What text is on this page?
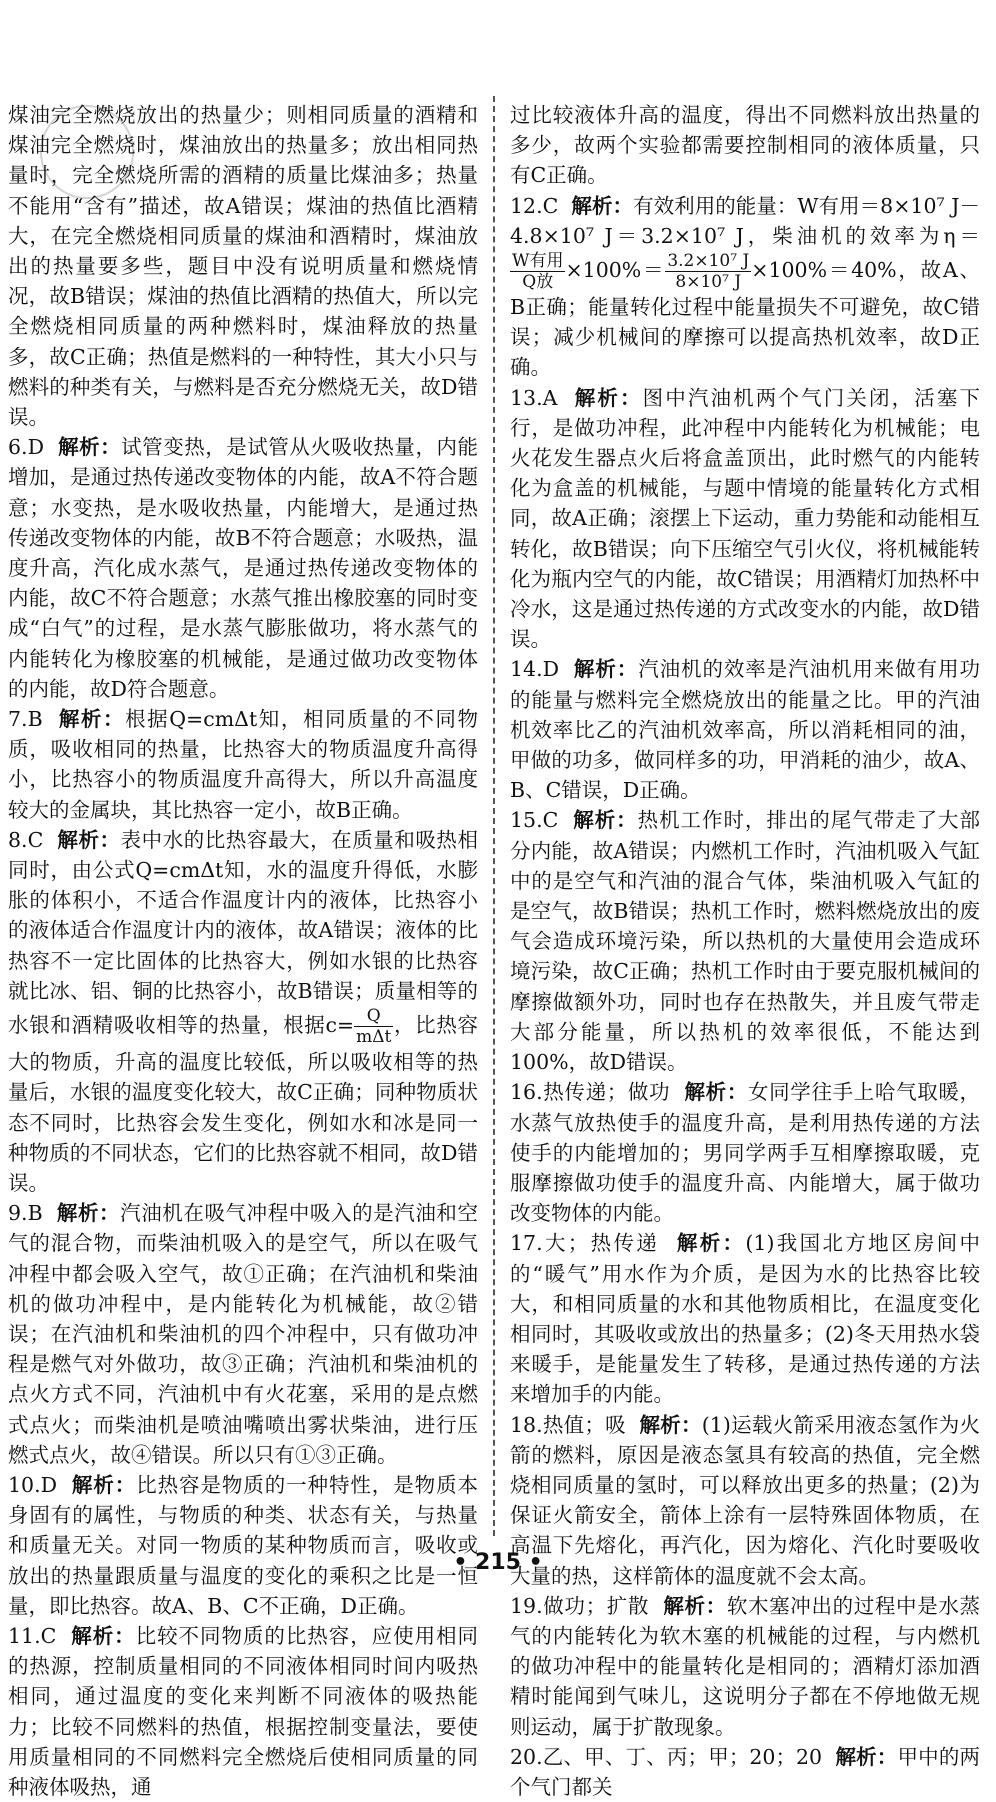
煤油完全燃烧放出的热量少；则相同质量的酒精和煤油完全燃烧时，煤油放出的热量多；放出相同热量时，完全燃烧所需的酒精的质量比煤油多；热量不能用“含有”描述，故A错误；煤油的热值比酒精大，在完全燃烧相同质量的煤油和酒精时，煤油放出的热量要多些，题目中没有说明质量和燃烧情况，故B错误；煤油的热值比酒精的热值大，所以完全燃烧相同质量的两种燃料时，煤油释放的热量多，故C正确；热值是燃料的一种特性，其大小只与燃料的种类有关，与燃料是否充分燃烧无关，故D错误。

6.D 解析：试管变热，是试管从火吸收热量，内能增加，是通过热传递改变物体的内能，故A不符合题意；水变热，是水吸收热量，内能增大，是通过热传递改变物体的内能，故B不符合题意；水吸热，温度升高，汽化成水蒸气，是通过热传递改变物体的内能，故C不符合题意；水蒸气推出橡胶塞的同时变成“白气”的过程，是水蒸气膨胀做功，将水蒸气的内能转化为橡胶塞的机械能，是通过做功改变物体的内能，故D符合题意。

7.B 解析：根据Q=cmΔt知，相同质量的不同物质，吸收相同的热量，比热容大的物质温度升高得小，比热容小的物质温度升高得大，所以升高温度较大的金属块，其比热容一定小，故B正确。

8.C 解析：表中水的比热容最大，在质量和吸热相同时，由公式Q=cmΔt知，水的温度升得低，水膨胀的体积小，不适合作温度计内的液体，比热容小的液体适合作温度计内的液体，故A错误；液体的比热容不一定比固体的比热容大，例如水银的比热容就比冰、铝、铜的比热容小，故B错误；质量相等的水银和酒精吸收相等的热量，根据$c= \frac{Q}{\text{mΔt}}$ ，比热容大的物质，升高的温度比较低，所以吸收相等的热量后，水银的温度变化较大，故C正确；同种物质状态不同时，比热容会发生变化，例如水和冰是同一种物质的不同状态，它们的比热容就不相同，故D错误。

9.B 解析：汽油机在吸气冲程中吸入的是汽油和空气的混合物，而柴油机吸入的是空气，所以在吸气冲程中都会吸入空气，故①正确；在汽油机和柴油机的做功冲程中，是内能转化为机械能，故②错误；在汽油机和柴油机的四个冲程中，只有做功冲程是燃气对外做功，故③正确；汽油机和柴油机的点火方式不同，汽油机中有火花塞，采用的是点燃式点火；而柴油机是喷油嘴喷出雾状柴油，进行压燃式点火，故④错误。所以只有①③正确。

10.D 解析：比热容是物质的一种特性，是物质本身固有的属性，与物质的种类、状态有关，与热量和质量无关。对同一物质的某种物质而言，吸收或放出的热量跟质量与温度的变化的乘积之比是一恒量，即比热容。故A、B、C不正确，D正确。

11.C 解析：比较不同物质的比热容，应使用相同的热源，控制质量相同的不同液体相同时间内吸热相同，通过温度的变化来判断不同液体的吸热能力；比较不同燃料的热值，根据控制变量法，要使用质量相同的不同燃料完全燃烧后使相同质量的同种液体吸热，通

过比较液体升高的温度，得出不同燃料放出热量的多少，故两个实验都需要控制相同的液体质量，只有C正确。

12.C 解析：有效利用的能量：W有用＝8×10⁷ J－4.8×10⁷ J＝3.2×10⁷ J，柴油机的效率为η＝
$\frac{\text{W有用}}{\text{Q放}} \times 100\%= \frac{\text{3.2×10⁷ J}}{\text{8×10⁷ J}} \times 100\%=40\%$，故A、B正确；能量转化过程中能量损失不可避免，故C错误；减少机械间的摩擦可以提高热机效率，故D正确。

13.A 解析：图中汽油机两个气门关闭，活塞下行，是做功冲程，此冲程中内能转化为机械能；电火花发生器点火后将盒盖顶出，此时燃气的内能转化为盒盖的机械能，与题中情境的能量转化方式相同，故A正确；滚摆上下运动，重力势能和动能相互转化，故B错误；向下压缩空气引火仪，将机械能转化为瓶内空气的内能，故C错误；用酒精灯加热杯中冷水，这是通过热传递的方式改变水的内能，故D错误。

14.D 解析：汽油机的效率是汽油机用来做有用功的能量与燃料完全燃烧放出的能量之比。甲的汽油机效率比乙的汽油机效率高，所以消耗相同的油，甲做的功多，做同样多的功，甲消耗的油少，故A、B、C错误，D正确。

15.C 解析：热机工作时，排出的尾气带走了大部分内能，故A错误；内燃机工作时，汽油机吸入气缸中的是空气和汽油的混合气体，柴油机吸入气缸的是空气，故B错误；热机工作时，燃料燃烧放出的废气会造成环境污染，所以热机的大量使用会造成环境污染，故C正确；热机工作时由于要克服机械间的摩擦做额外功，同时也存在热散失，并且废气带走大部分能量，所以热机的效率很低，不能达到100%，故D错误。

16.热传递；做功 解析：女同学往手上哈气取暖，水蒸气放热使手的温度升高，是利用热传递的方法使手的内能增加的；男同学两手互相摩擦取暖，克服摩擦做功使手的温度升高、内能增大，属于做功改变物体的内能。

17.大；热传递 解析：(1)我国北方地区房间中的“暖气”用水作为介质，是因为水的比热容比较大，和相同质量的水和其他物质相比，在温度变化相同时，其吸收或放出的热量多；(2)冬天用热水袋来暖手，是能量发生了转移，是通过热传递的方法来增加手的内能。

18.热值；吸 解析：(1)运载火箭采用液态氢作为火箭的燃料，原因是液态氢具有较高的热值，完全燃烧相同质量的氢时，可以释放出更多的热量；(2)为保证火箭安全，箭体上涂有一层特殊固体物质，在高温下先熔化，再汽化，因为熔化、汽化时要吸收大量的热，这样箭体的温度就不会太高。

19.做功；扩散 解析：软木塞冲出的过程中是水蒸气的内能转化为软木塞的机械能的过程，与内燃机的做功冲程中的能量转化是相同的；酒精灯添加酒精时能闻到气味儿，这说明分子都在不停地做无规则运动，属于扩散现象。

20.乙、甲、丁、丙；甲；20；20 解析：甲中的两个气门都关

• 215 •
